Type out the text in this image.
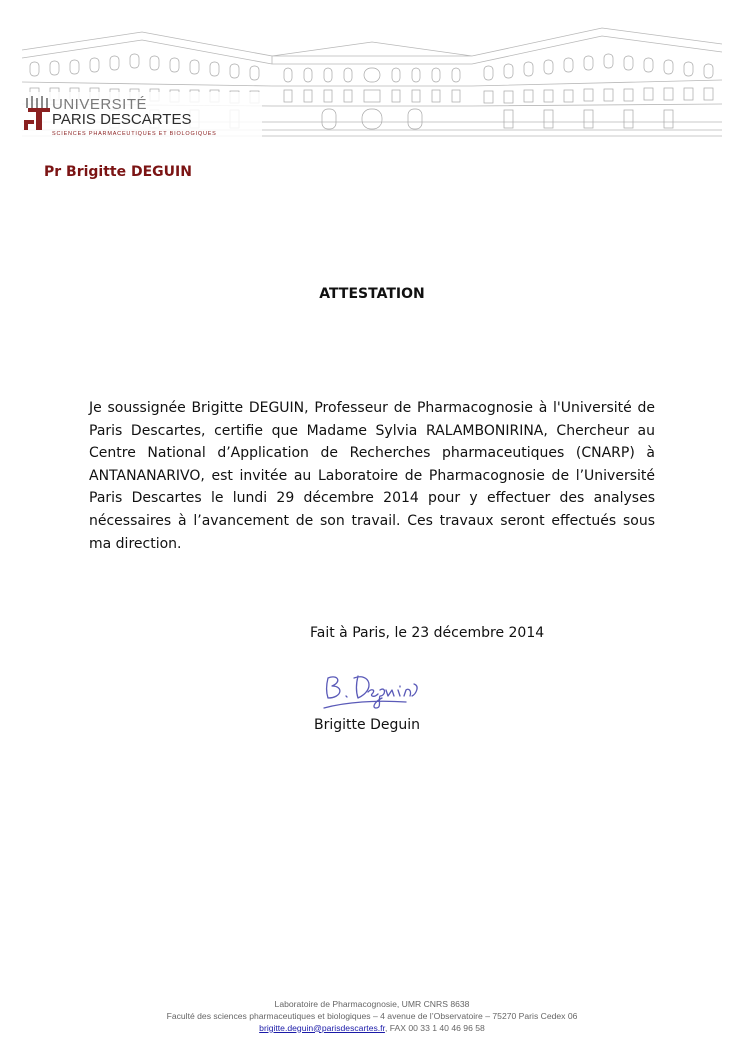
UNIVERSITÉ
PARIS DESCARTES
SCIENCES PHARMACEUTIQUES ET BIOLOGIQUES
Pr Brigitte DEGUIN
ATTESTATION
Je soussignée Brigitte DEGUIN, Professeur de Pharmacognosie à l'Université de Paris Descartes, certifie que Madame Sylvia RALAMBONIRINA, Chercheur au Centre National d’Application de Recherches pharmaceutiques (CNARP) à ANTANANARIVO, est invitée au Laboratoire de Pharmacognosie de l’Université Paris Descartes le lundi 29 décembre 2014 pour y effectuer des analyses nécessaires à l’avancement de son travail. Ces travaux seront effectués sous ma direction.
Fait à Paris, le 23 décembre 2014
Brigitte Deguin
Laboratoire de Pharmacognosie, UMR CNRS 8638
Faculté des sciences pharmaceutiques et biologiques – 4 avenue de l’Observatoire – 75270 Paris Cedex 06
brigitte.deguin@parisdescartes.fr, FAX 00 33 1 40 46 96 58
